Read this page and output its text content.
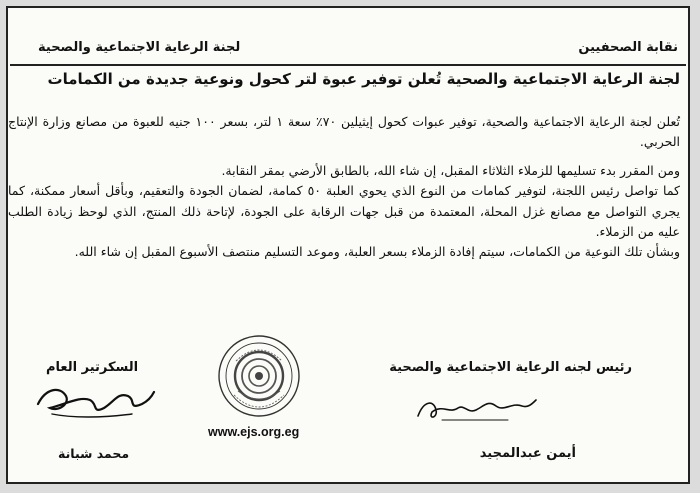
نقابة الصحفيين
لجنة الرعاية الاجتماعية والصحية
لجنة الرعاية الاجتماعية والصحية تُعلن توفير عبوة لتر كحول ونوعية جديدة من الكمامات

تُعلن لجنة الرعاية الاجتماعية والصحية، توفير عبوات كحول إيثيلين ٧٠٪ سعة ١ لتر، بسعر ١٠٠ جنيه للعبوة من مصانع وزارة الإنتاج الحربي.

ومن المقرر بدء تسليمها للزملاء الثلاثاء المقبل، إن شاء الله، بالطابق الأرضي بمقر النقابة.

كما تواصل رئيس اللجنة، لتوفير كمامات من النوع الذي يحوي العلبة ٥٠ كمامة، لضمان الجودة والتعقيم، وبأقل أسعار ممكنة، كما يجري التواصل مع مصانع غزل المحلة، المعتمدة من قبل جهات الرقابة على الجودة، لإتاحة ذلك المنتج، الذي لوحظ زيادة الطلب عليه من الزملاء.

وبشأن تلك النوعية من الكمامات، سيتم إفادة الزملاء بسعر العلبة، وموعد التسليم منتصف الأسبوع المقبل إن شاء الله.

رئيس لجنه الرعاية الاجتماعية والصحية
أيمن عبدالمجيد
السكرتير العام
محمد شبانة
www.ejs.org.eg
